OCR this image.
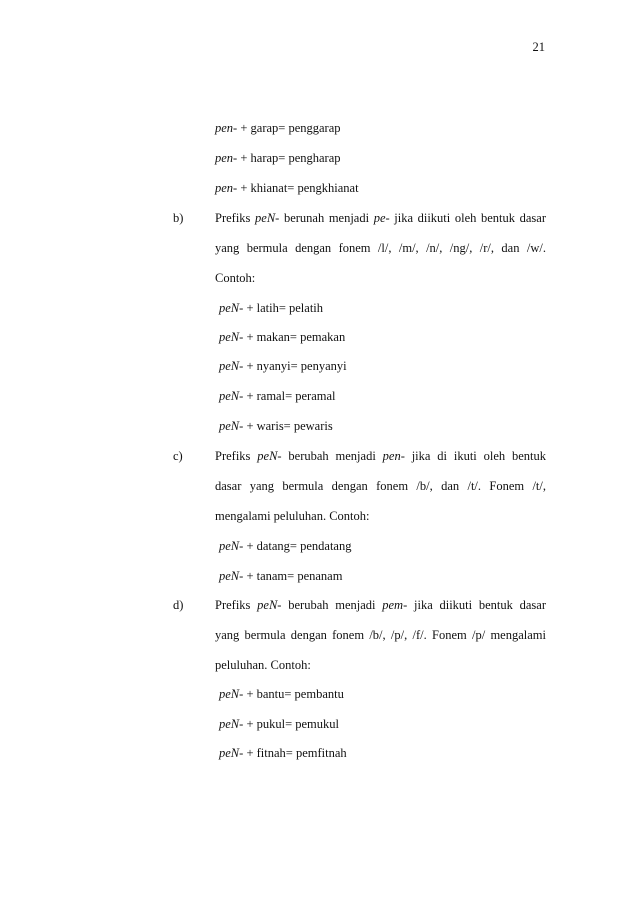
21
pen- + garap= penggarap
pen- + harap= pengharap
pen- + khianat= pengkhianat
b)	Prefiks peN- berunah menjadi pe- jika diikuti oleh bentuk dasar
yang bermula dengan fonem /l/, /m/, /n/, /ng/, /r/, dan /w/.
Contoh:
peN- + latih= pelatih
peN- + makan= pemakan
peN- + nyanyi= penyanyi
peN- + ramal= peramal
peN- + waris= pewaris
c)	Prefiks peN- berubah menjadi pen- jika di ikuti oleh bentuk
dasar yang bermula dengan fonem /b/, dan /t/. Fonem /t/,
mengalami peluluhan. Contoh:
peN- + datang= pendatang
peN- + tanam= penanam
d)	Prefiks peN- berubah menjadi pem- jika diikuti bentuk dasar
yang bermula dengan fonem /b/, /p/, /f/. Fonem /p/ mengalami
peluluhan. Contoh:
peN- + bantu= pembantu
peN- + pukul= pemukul
peN- + fitnah= pemfitnah
